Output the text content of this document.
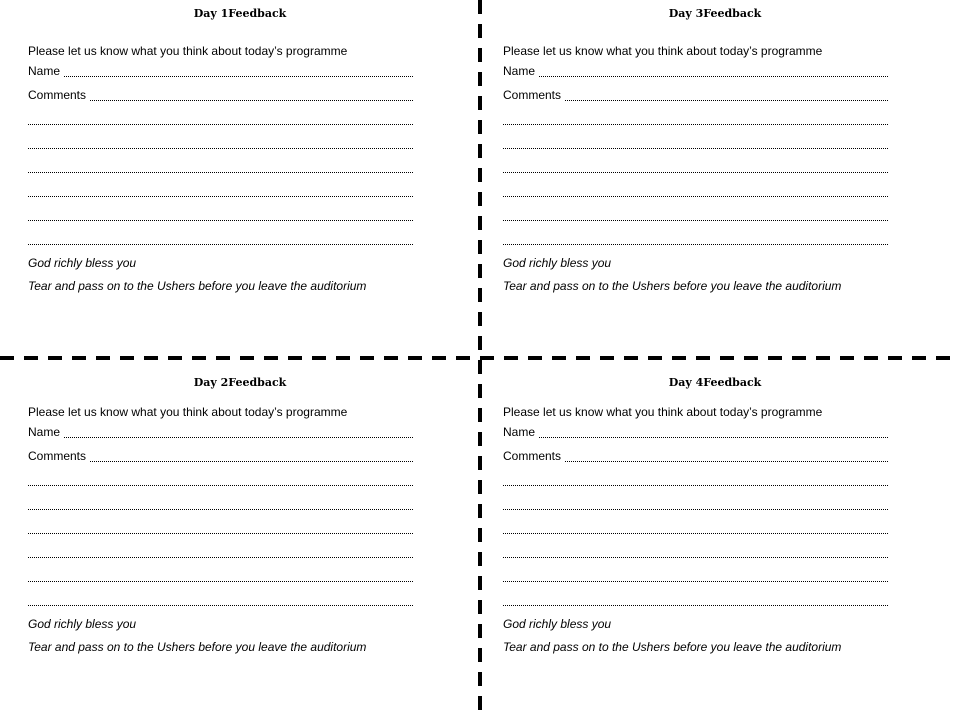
Day 1Feedback
Please let us know what you think about today’s programme
Name
Comments
God richly bless you
Tear and pass on to the Ushers before you leave the auditorium
Day 3Feedback
Please let us know what you think about today’s programme
Name
Comments
God richly bless you
Tear and pass on to the Ushers before you leave the auditorium
Day 2Feedback
Please let us know what you think about today’s programme
Name
Comments
God richly bless you
Tear and pass on to the Ushers before you leave the auditorium
Day 4Feedback
Please let us know what you think about today’s programme
Name
Comments
God richly bless you
Tear and pass on to the Ushers before you leave the auditorium
